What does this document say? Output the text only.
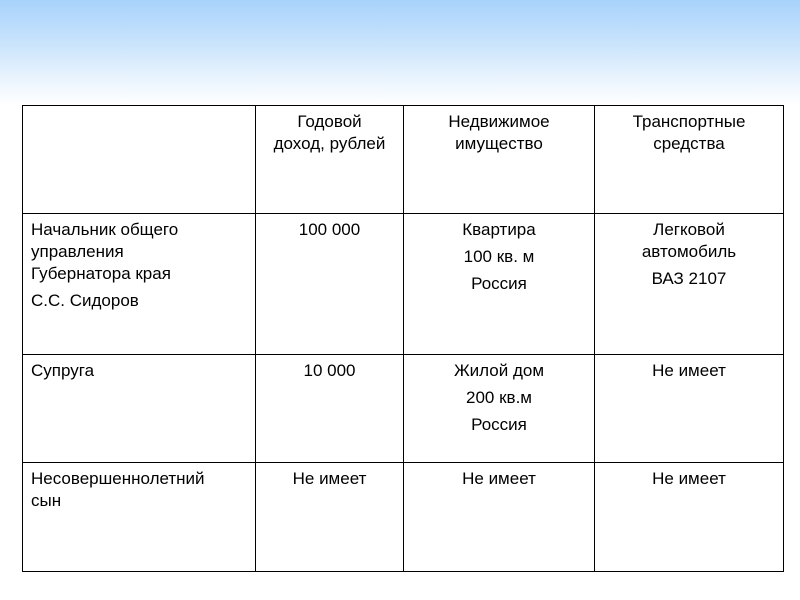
	Годовой
доход, рублей	Недвижимое
имущество	Транспортные
средства

Начальник общего
управления
Губернатора края
С.С. Сидоров	100 000	Квартира
100 кв. м
Россия	Легковой
автомобиль
ВАЗ 2107

Супруга	10 000	Жилой дом
200 кв.м
Россия	Не имеет

Несовершеннолетний
сын	Не имеет	Не имеет	Не имеет
